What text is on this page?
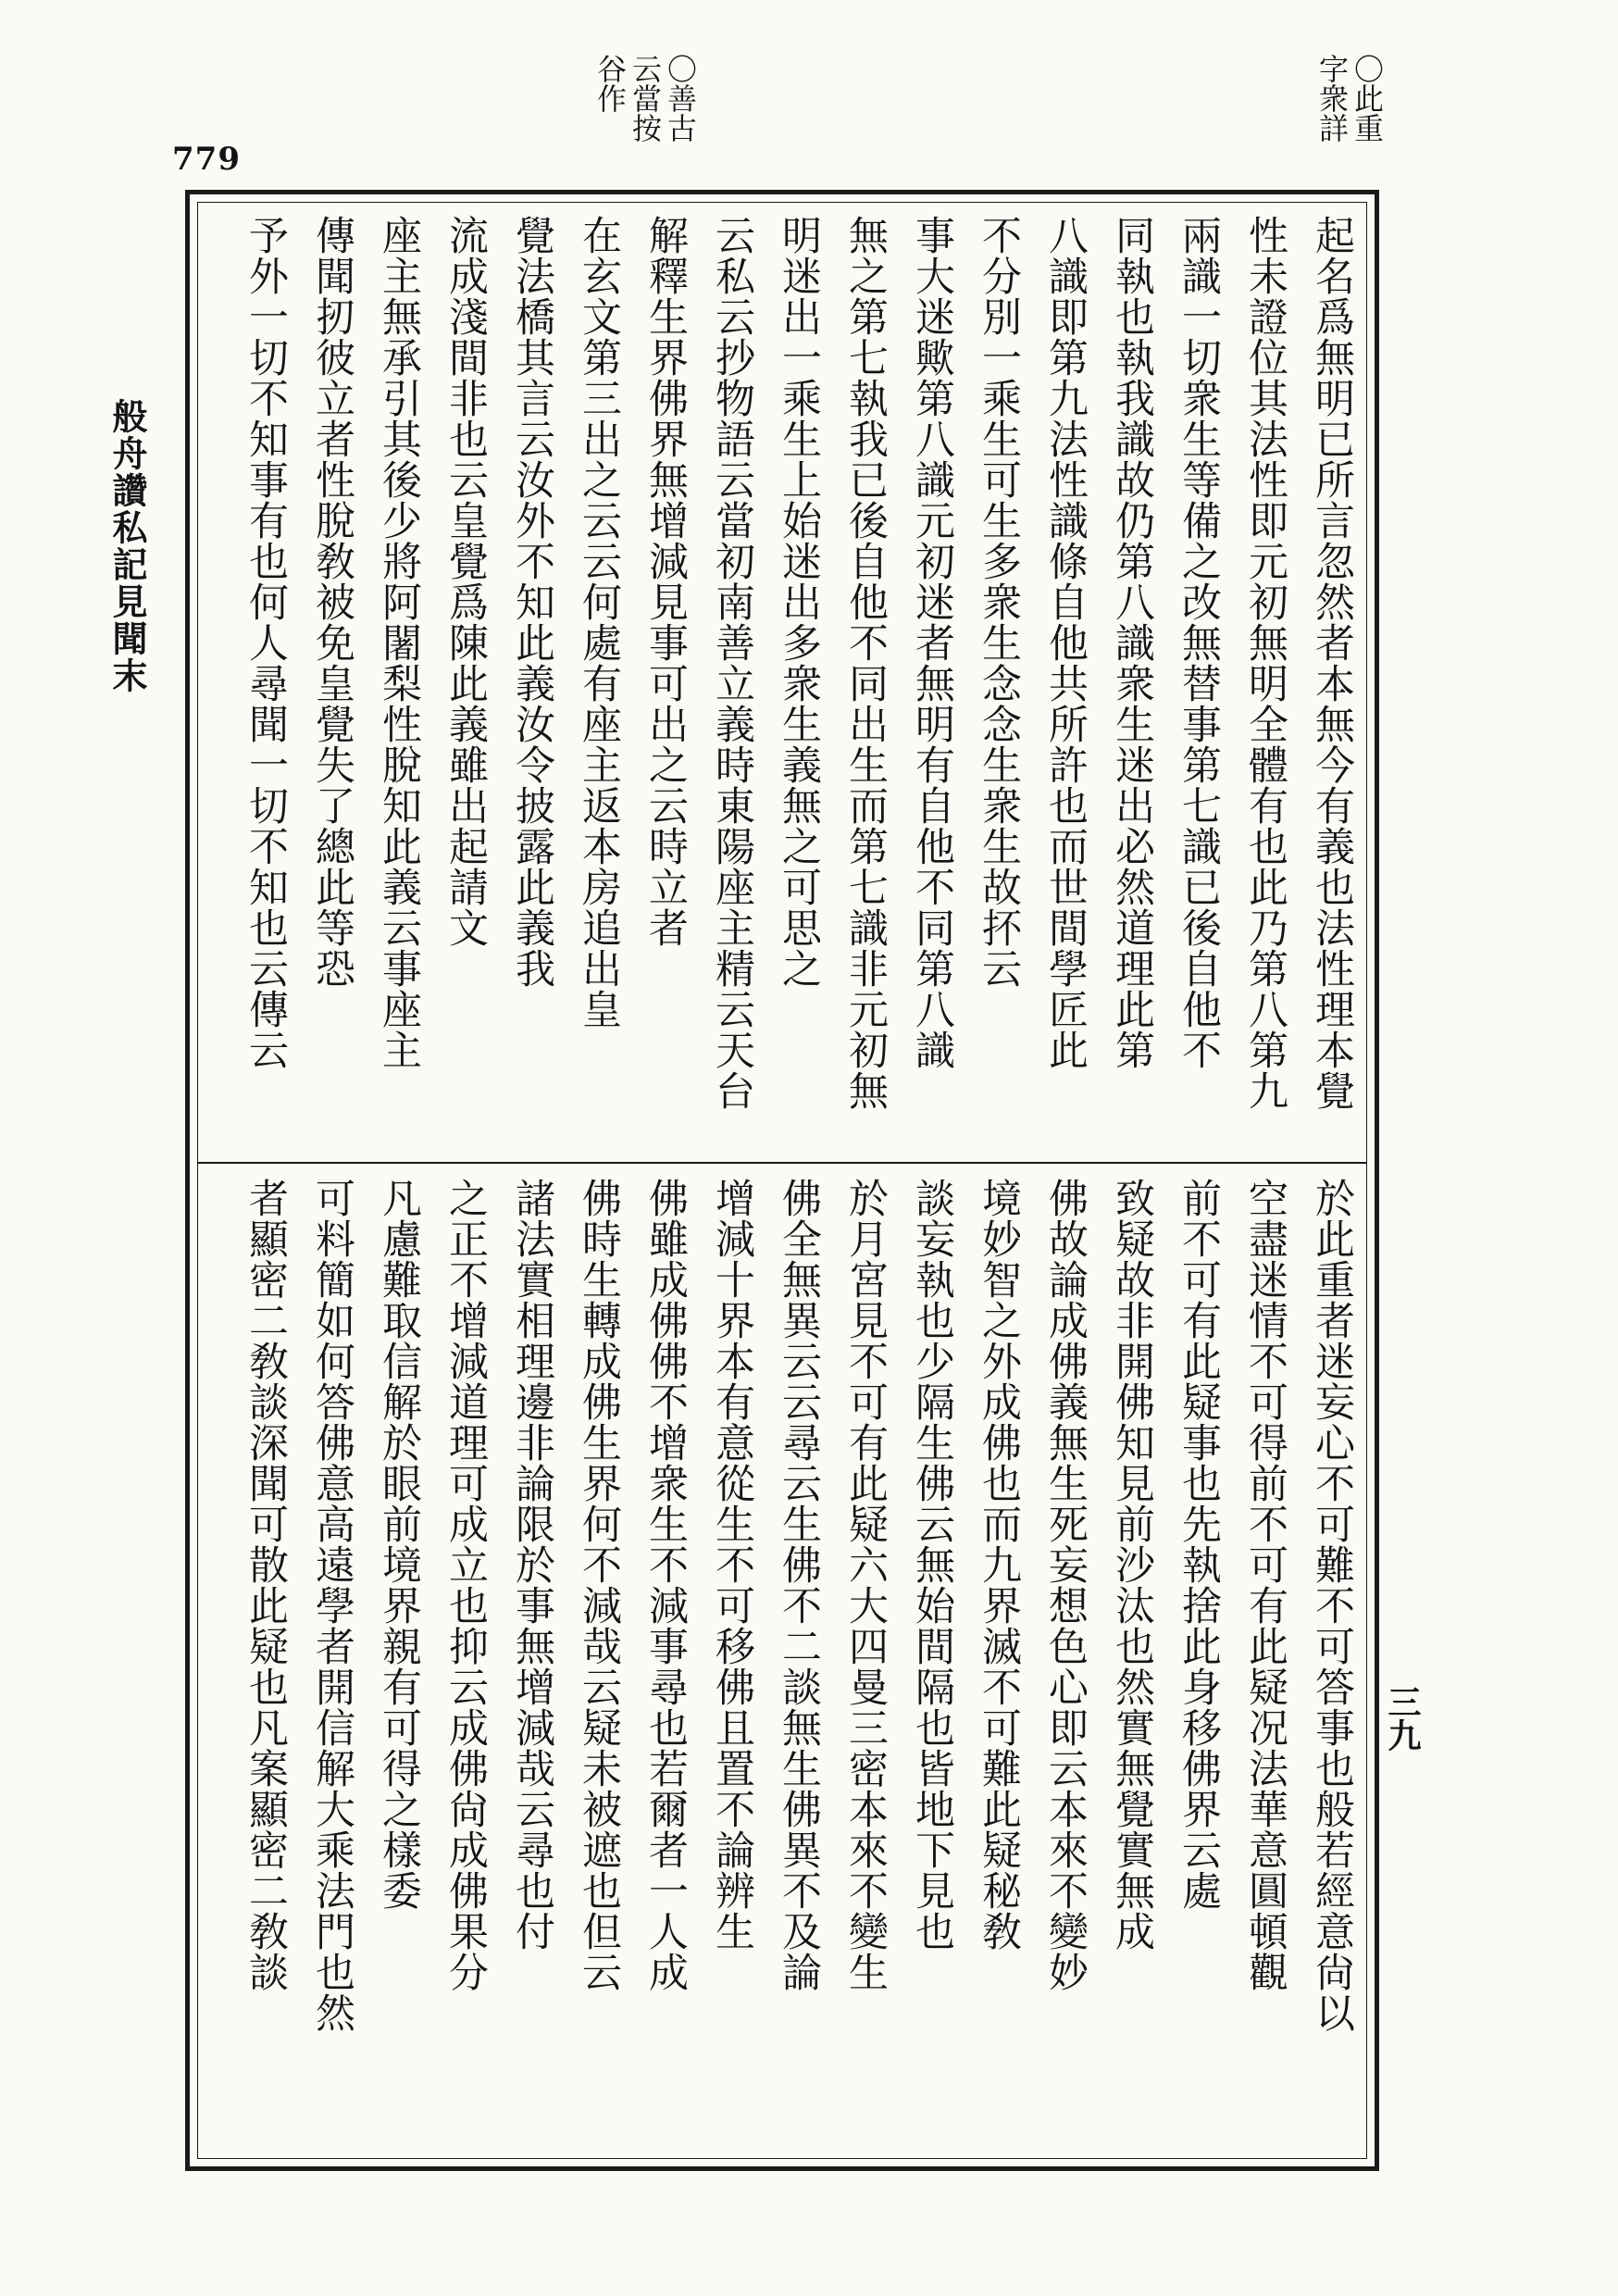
779
〇此重
字衆詳
〇善古
云當按
谷作
般舟讚私記見聞末
三九
起名爲無明已所言忽然者本無今有義也法性理本覺
性未證位其法性即元初無明全體有也此乃第八第九
兩識一切衆生等備之改無替事第七識已後自他不
同執也執我識故仍第八識衆生迷出必然道理此第
八識即第九法性識條自他共所許也而世間學匠此
不分別一乘生可生多衆生念念生衆生故抔云
事大迷歟第八識元初迷者無明有自他不同第八識
無之第七執我已後自他不同出生而第七識非元初無
明迷出一乘生上始迷出多衆生義無之可思之
云私云抄物語云當初南善立義時東陽座主精云天台
解釋生界佛界無增減見事可出之云時立者
在玄文第三出之云云何處有座主返本房追出皇
覺法橋其言云汝外不知此義汝令披露此義我
流成淺間非也云皇覺爲陳此義雖出起請文
座主無承引其後少將阿闍梨性脫知此義云事座主
傳聞扨彼立者性脫敎被免皇覺失了總此等恐
予外一切不知事有也何人尋聞一切不知也云傳云
於此重者迷妄心不可難不可答事也般若經意尙以
空盡迷情不可得前不可有此疑况法華意圓頓觀
前不可有此疑事也先執捨此身移佛界云處
致疑故非開佛知見前沙汰也然實無覺實無成
佛故論成佛義無生死妄想色心即云本來不變妙
境妙智之外成佛也而九界滅不可難此疑秘敎
談妄執也少隔生佛云無始間隔也皆地下見也
於月宮見不可有此疑六大四曼三密本來不變生
佛全無異云云尋云生佛不二談無生佛異不及論
增減十界本有意從生不可移佛且置不論辨生
佛雖成佛佛不增衆生不減事尋也若爾者一人成
佛時生轉成佛生界何不減哉云疑未被遮也但云
諸法實相理邊非論限於事無增減哉云尋也付
之正不增減道理可成立也抑云成佛尙成佛果分
凡慮難取信解於眼前境界親有可得之樣委
可料簡如何答佛意高遠學者開信解大乘法門也然
者顯密二敎談深聞可散此疑也凡案顯密二敎談
